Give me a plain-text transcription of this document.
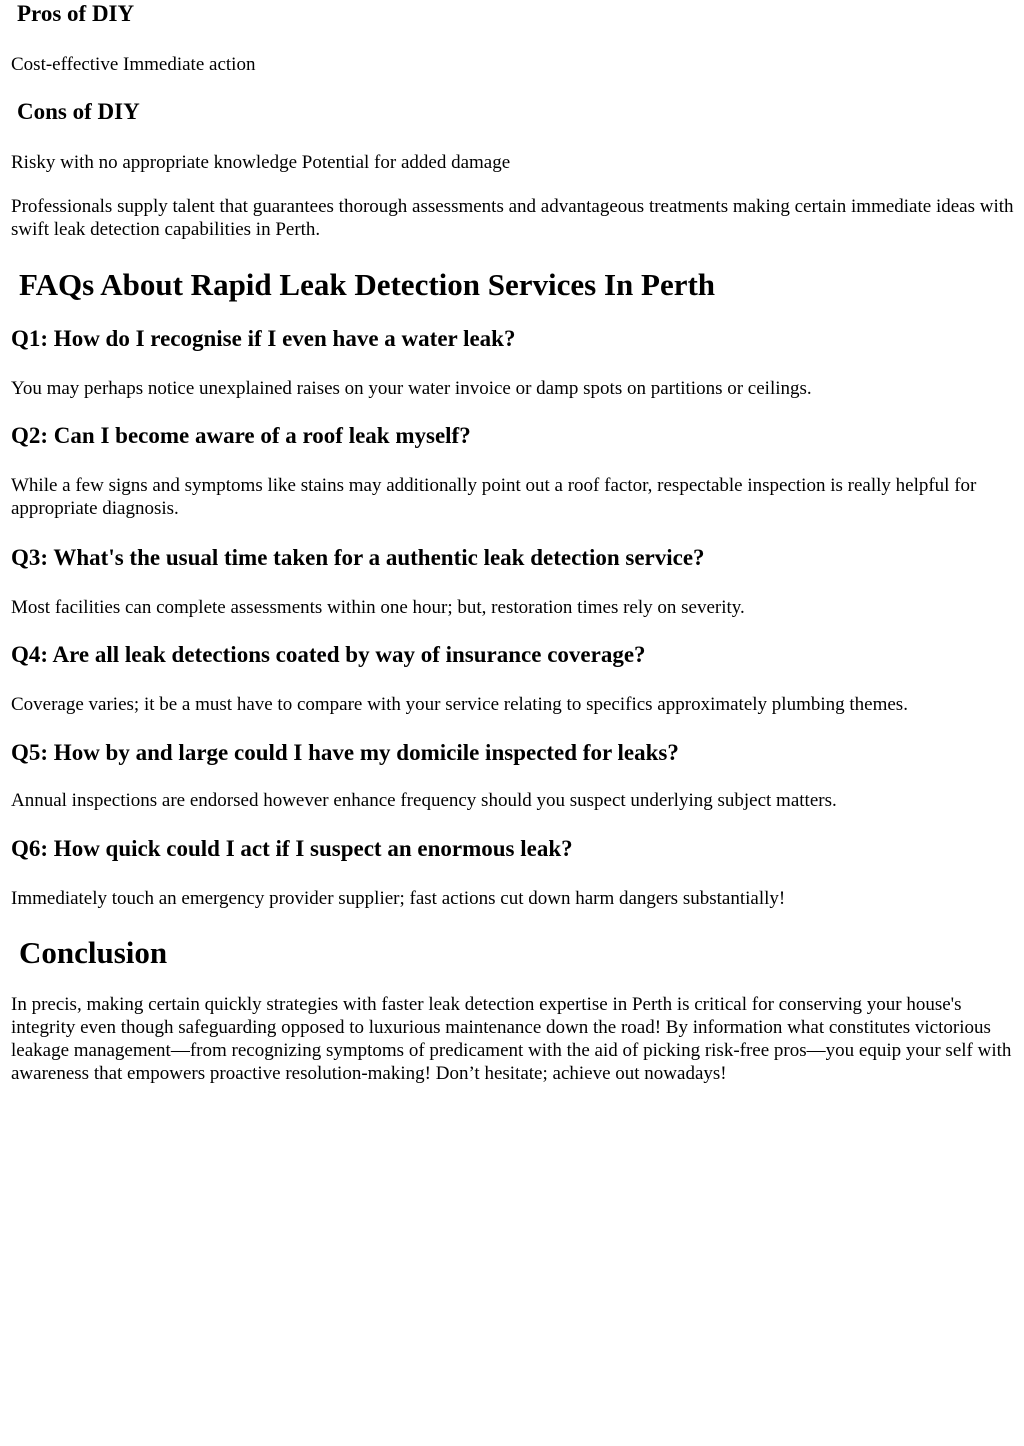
Pros of DIY

Cost-effective Immediate action

Cons of DIY

Risky with no appropriate knowledge Potential for added damage

Professionals supply talent that guarantees thorough assessments and advantageous treatments making certain immediate ideas with swift leak detection capabilities in Perth.

FAQs About Rapid Leak Detection Services In Perth
Q1: How do I recognise if I even have a water leak?

You may perhaps notice unexplained raises on your water invoice or damp spots on partitions or ceilings.

Q2: Can I become aware of a roof leak myself?

While a few signs and symptoms like stains may additionally point out a roof factor, respectable inspection is really helpful for appropriate diagnosis.

Q3: What's the usual time taken for a authentic leak detection service?

Most facilities can complete assessments within one hour; but, restoration times rely on severity.

Q4: Are all leak detections coated by way of insurance coverage?

Coverage varies; it be a must have to compare with your service relating to specifics approximately plumbing themes.

Q5: How by and large could I have my domicile inspected for leaks?

Annual inspections are endorsed however enhance frequency should you suspect underlying subject matters.

Q6: How quick could I act if I suspect an enormous leak?

Immediately touch an emergency provider supplier; fast actions cut down harm dangers substantially!

Conclusion

In precis, making certain quickly strategies with faster leak detection expertise in Perth is critical for conserving your house's integrity even though safeguarding opposed to luxurious maintenance down the road! By information what constitutes victorious leakage management—from recognizing symptoms of predicament with the aid of picking risk-free pros—you equip your self with awareness that empowers proactive resolution-making! Don’t hesitate; achieve out nowadays!
